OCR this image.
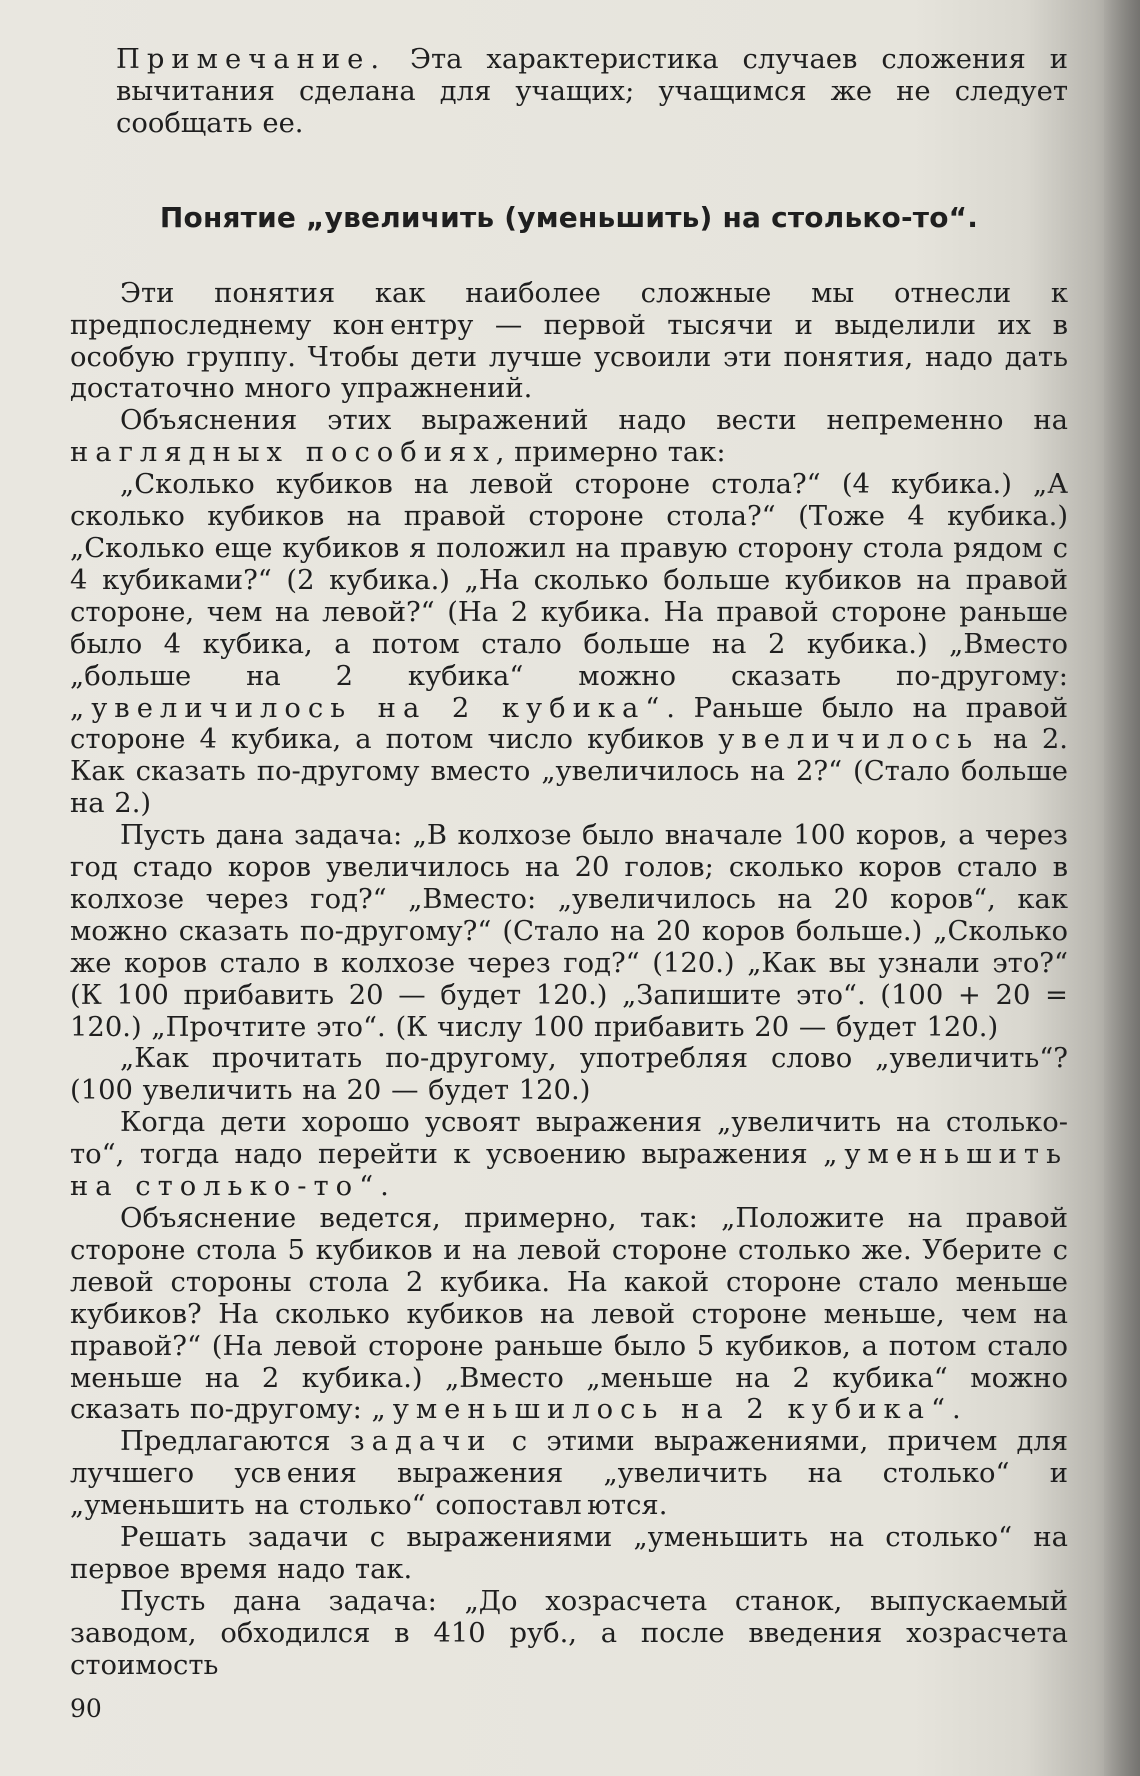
Примечание. Эта характеристика случаев сложения и вычитания сделана для учащих; учащимся же не следует сообщать ее.

Понятие „увеличить (уменьшить) на столько-то“.

Эти понятия как наиболее сложные мы отнесли к предпоследнему кон ентру — первой тысячи и выделили их в особую группу. Чтобы дети лучше усвоили эти понятия, надо дать достаточно много упражнений.

Объяснения этих выражений надо вести непременно на наглядных пособиях, примерно так:

„Сколько кубиков на левой стороне стола?“ (4 кубика.) „А сколько кубиков на правой стороне стола?“ (Тоже 4 кубика.) „Сколько еще кубиков я положил на правую сторону стола рядом с 4 кубиками?“ (2 кубика.) „На сколько больше кубиков на правой стороне, чем на левой?“ (На 2 кубика. На правой стороне раньше было 4 кубика, а потом стало больше на 2 кубика.) „Вместо „больше на 2 кубика“ можно сказать по-другому: „увеличилось на 2 кубика“. Раньше было на правой стороне 4 кубика, а потом число кубиков увеличилось на 2. Как сказать по-другому вместо „увеличилось на 2?“ (Стало больше на 2.)

Пусть дана задача: „В колхозе было вначале 100 коров, а через год стадо коров увеличилось на 20 голов; сколько коров стало в колхозе через год?“ „Вместо: „увеличилось на 20 коров“, как можно сказать по-другому?“ (Стало на 20 коров больше.) „Сколько же коров стало в колхозе через год?“ (120.) „Как вы узнали это?“ (К 100 прибавить 20 — будет 120.) „Запишите это“. (100 + 20 = 120.) „Прочтите это“. (К числу 100 прибавить 20 — будет 120.)

„Как прочитать по-другому, употребляя слово „увеличить“? (100 увеличить на 20 — будет 120.)

Когда дети хорошо усвоят выражения „увеличить на столько-то“, тогда надо перейти к усвоению выражения „уменьшить на столько-то“.

Объяснение ведется, примерно, так: „Положите на правой стороне стола 5 кубиков и на левой стороне столько же. Уберите с левой стороны стола 2 кубика. На какой стороне стало меньше кубиков? На сколько кубиков на левой стороне меньше, чем на правой?“ (На левой стороне раньше было 5 кубиков, а потом стало меньше на 2 кубика.) „Вместо „меньше на 2 кубика“ можно сказать по-другому: „уменьшилось на 2 кубика“.

Предлагаются задачи с этими выражениями, причем для лучшего усв ения выражения „увеличить на столько“ и „уменьшить на столько“ сопоставл ются.

Решать задачи с выражениями „уменьшить на столько“ на первое время надо так.

Пусть дана задача: „До хозрасчета станок, выпускаемый заводом, обходился в 410 руб., а после введения хозрасчета стоимость

90
